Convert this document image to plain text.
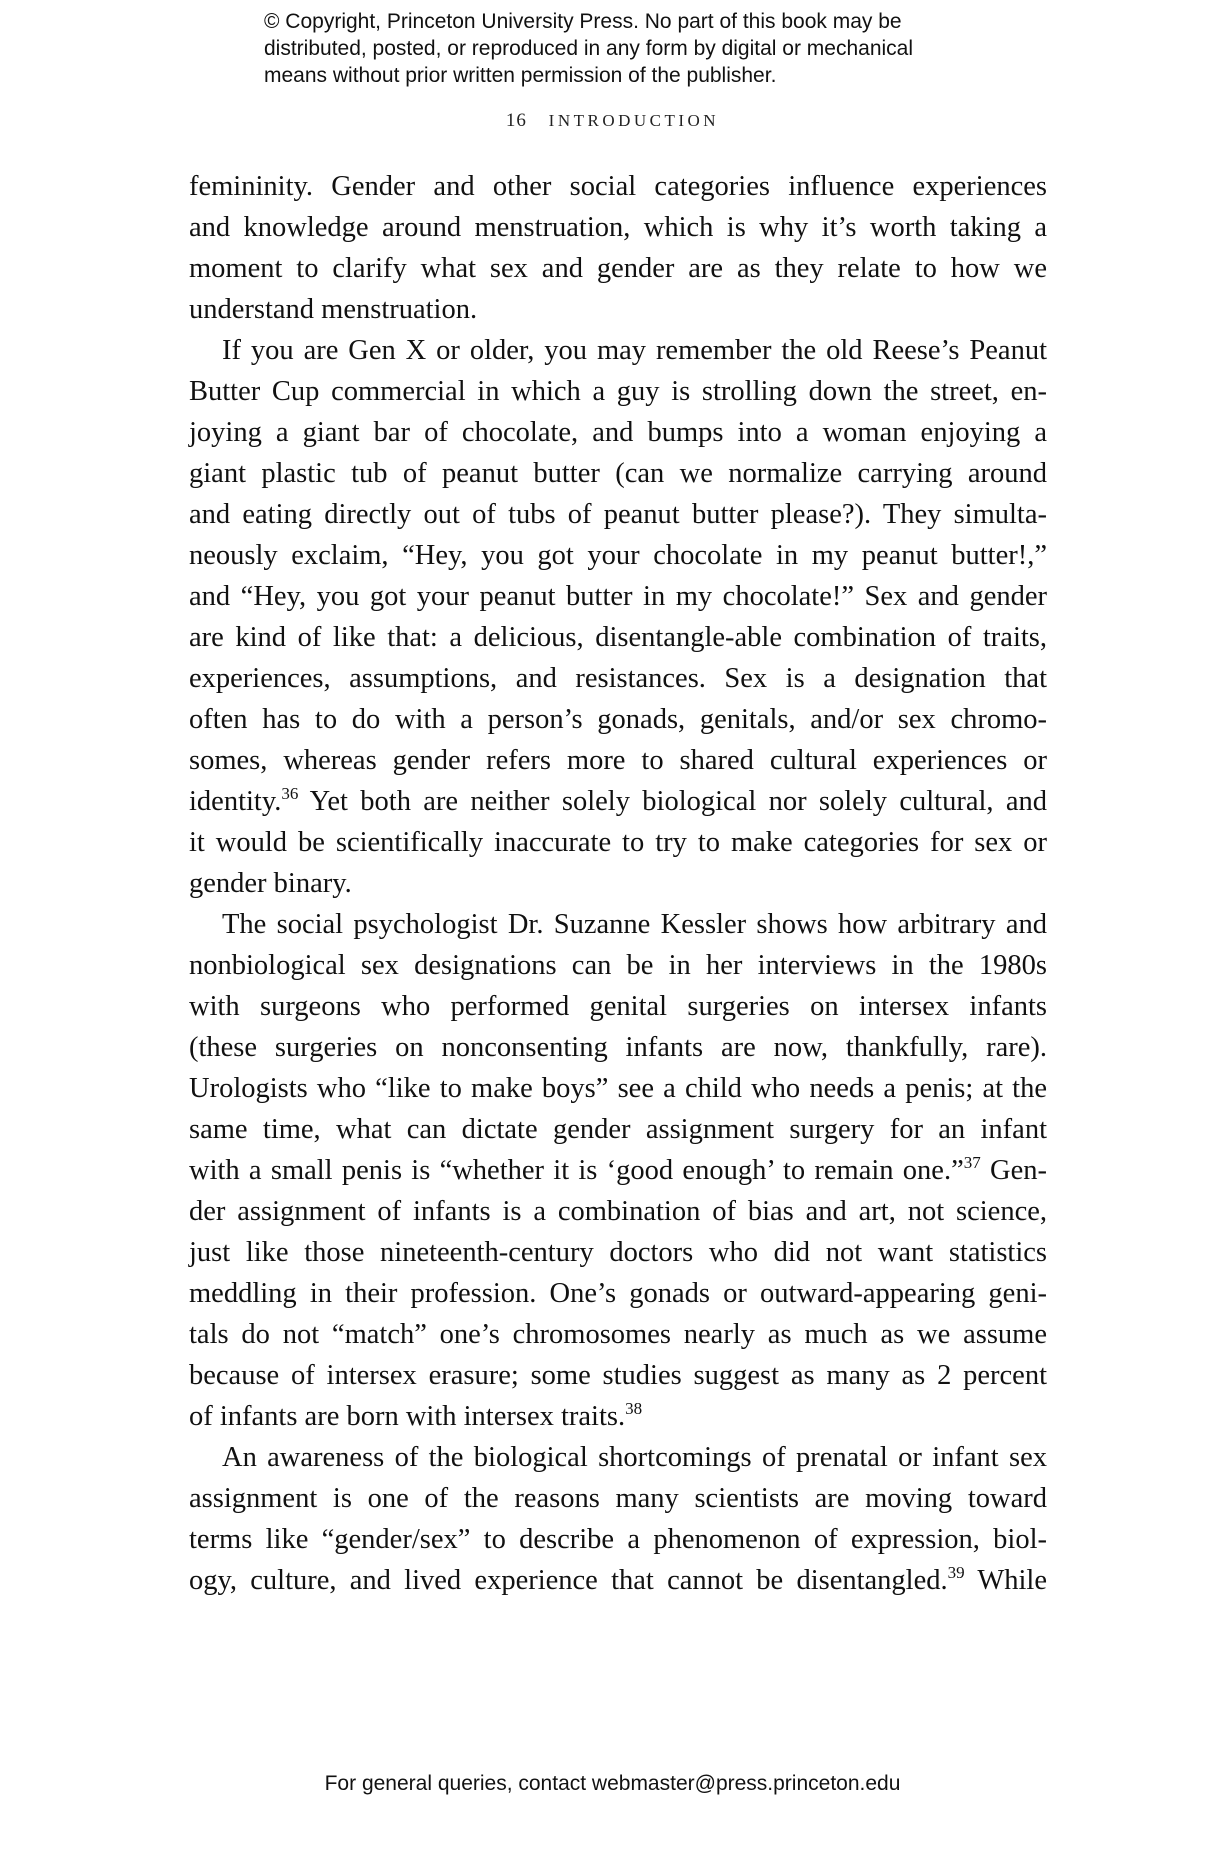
© Copyright, Princeton University Press. No part of this book may be
distributed, posted, or reproduced in any form by digital or mechanical
means without prior written permission of the publisher.
16 INTRODUCTION
femininity. Gender and other social categories influence experiences
and knowledge around menstruation, which is why it’s worth taking a
moment to clarify what sex and gender are as they relate to how we
understand menstruation.
If you are Gen X or older, you may remember the old Reese’s Peanut
Butter Cup commercial in which a guy is strolling down the street, en-
joying a giant bar of chocolate, and bumps into a woman enjoying a
giant plastic tub of peanut butter (can we normalize carrying around
and eating directly out of tubs of peanut butter please?). They simulta-
neously exclaim, “Hey, you got your chocolate in my peanut butter!,”
and “Hey, you got your peanut butter in my chocolate!” Sex and gender
are kind of like that: a delicious, disentangle-able combination of traits,
experiences, assumptions, and resistances. Sex is a designation that
often has to do with a person’s gonads, genitals, and/or sex chromo-
somes, whereas gender refers more to shared cultural experiences or
identity.$^{36}$ Yet both are neither solely biological nor solely cultural, and
it would be scientifically inaccurate to try to make categories for sex or
gender binary.
The social psychologist Dr. Suzanne Kessler shows how arbitrary and
nonbiological sex designations can be in her interviews in the 1980s
with surgeons who performed genital surgeries on intersex infants
(these surgeries on nonconsenting infants are now, thankfully, rare).
Urologists who “like to make boys” see a child who needs a penis; at the
same time, what can dictate gender assignment surgery for an infant
with a small penis is “whether it is ‘good enough’ to remain one.”$^{37}$ Gen-
der assignment of infants is a combination of bias and art, not science,
just like those nineteenth-century doctors who did not want statistics
meddling in their profession. One’s gonads or outward-appearing geni-
tals do not “match” one’s chromosomes nearly as much as we assume
because of intersex erasure; some studies suggest as many as 2 percent
of infants are born with intersex traits.$^{38}$
An awareness of the biological shortcomings of prenatal or infant sex
assignment is one of the reasons many scientists are moving toward
terms like “gender/sex” to describe a phenomenon of expression, biol-
ogy, culture, and lived experience that cannot be disentangled.$^{39}$ While
For general queries, contact webmaster@press.princeton.edu
